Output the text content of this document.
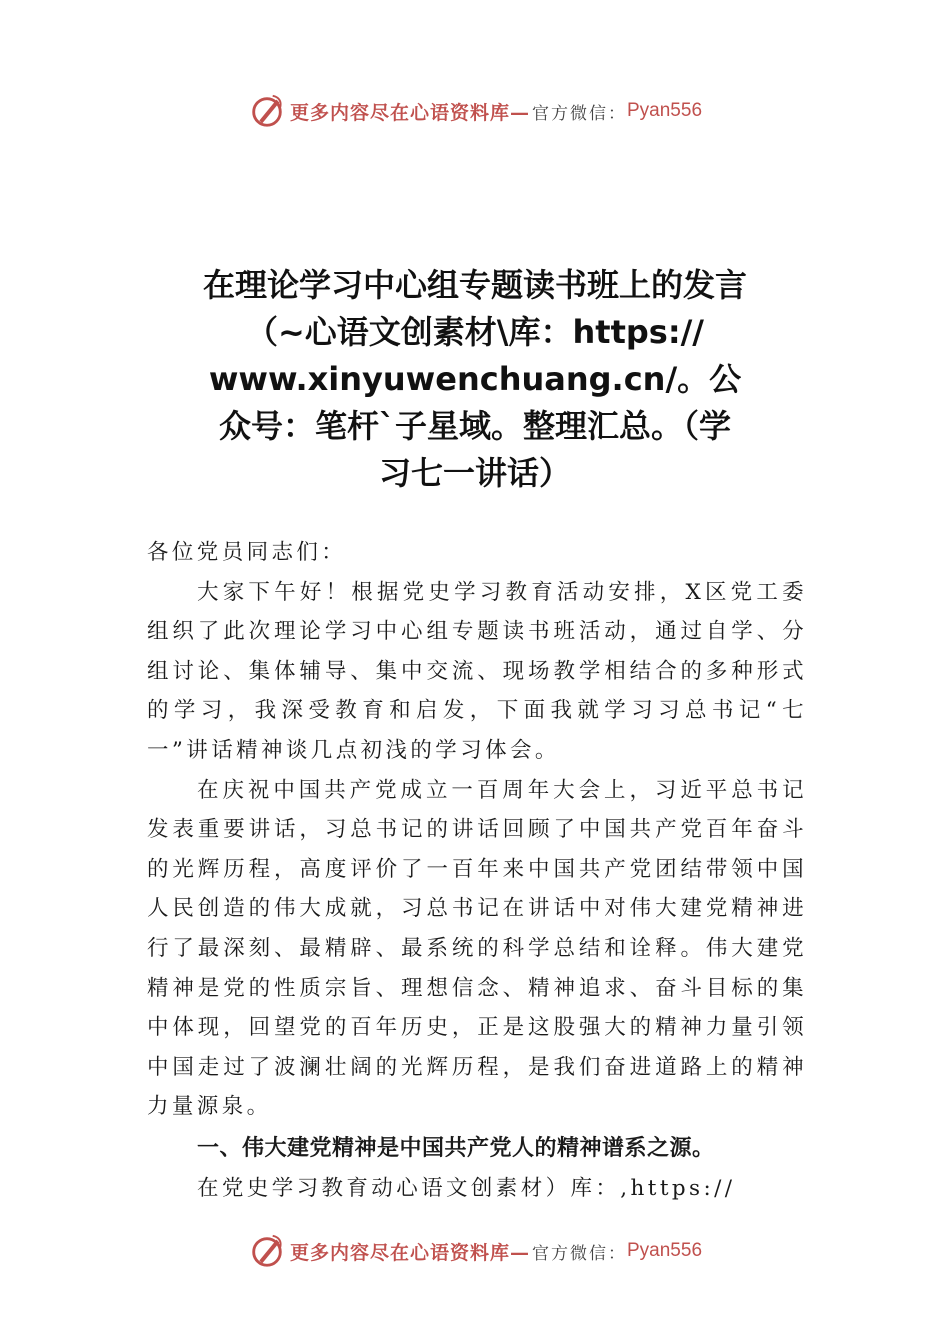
更多内容尽在心语资料库— 官方微信： Pyan556
在理论学习中心组专题读书班上的发言
（~心语文创素材\库：https://
www.xinyuwenchuang.cn/。公
众号：笔杆`子星域。整理汇总。（学
习七一讲话）

各位党员同志们：

大家下午好！根据党史学习教育活动安排，X区党工委组织了此次理论学习中心组专题读书班活动，通过自学、分组讨论、集体辅导、集中交流、现场教学相结合的多种形式的学习，我深受教育和启发，下面我就学习习总书记“七一”讲话精神谈几点初浅的学习体会。

在庆祝中国共产党成立一百周年大会上，习近平总书记发表重要讲话，习总书记的讲话回顾了中国共产党百年奋斗的光辉历程，高度评价了一百年来中国共产党团结带领中国人民创造的伟大成就，习总书记在讲话中对伟大建党精神进行了最深刻、最精辟、最系统的科学总结和诠释。伟大建党精神是党的性质宗旨、理想信念、精神追求、奋斗目标的集中体现，回望党的百年历史，正是这股强大的精神力量引领中国走过了波澜壮阔的光辉历程，是我们奋进道路上的精神力量源泉。

一、伟大建党精神是中国共产党人的精神谱系之源。

在党史学习教育动心语文创素材）库：,https://

更多内容尽在心语资料库— 官方微信： Pyan556
